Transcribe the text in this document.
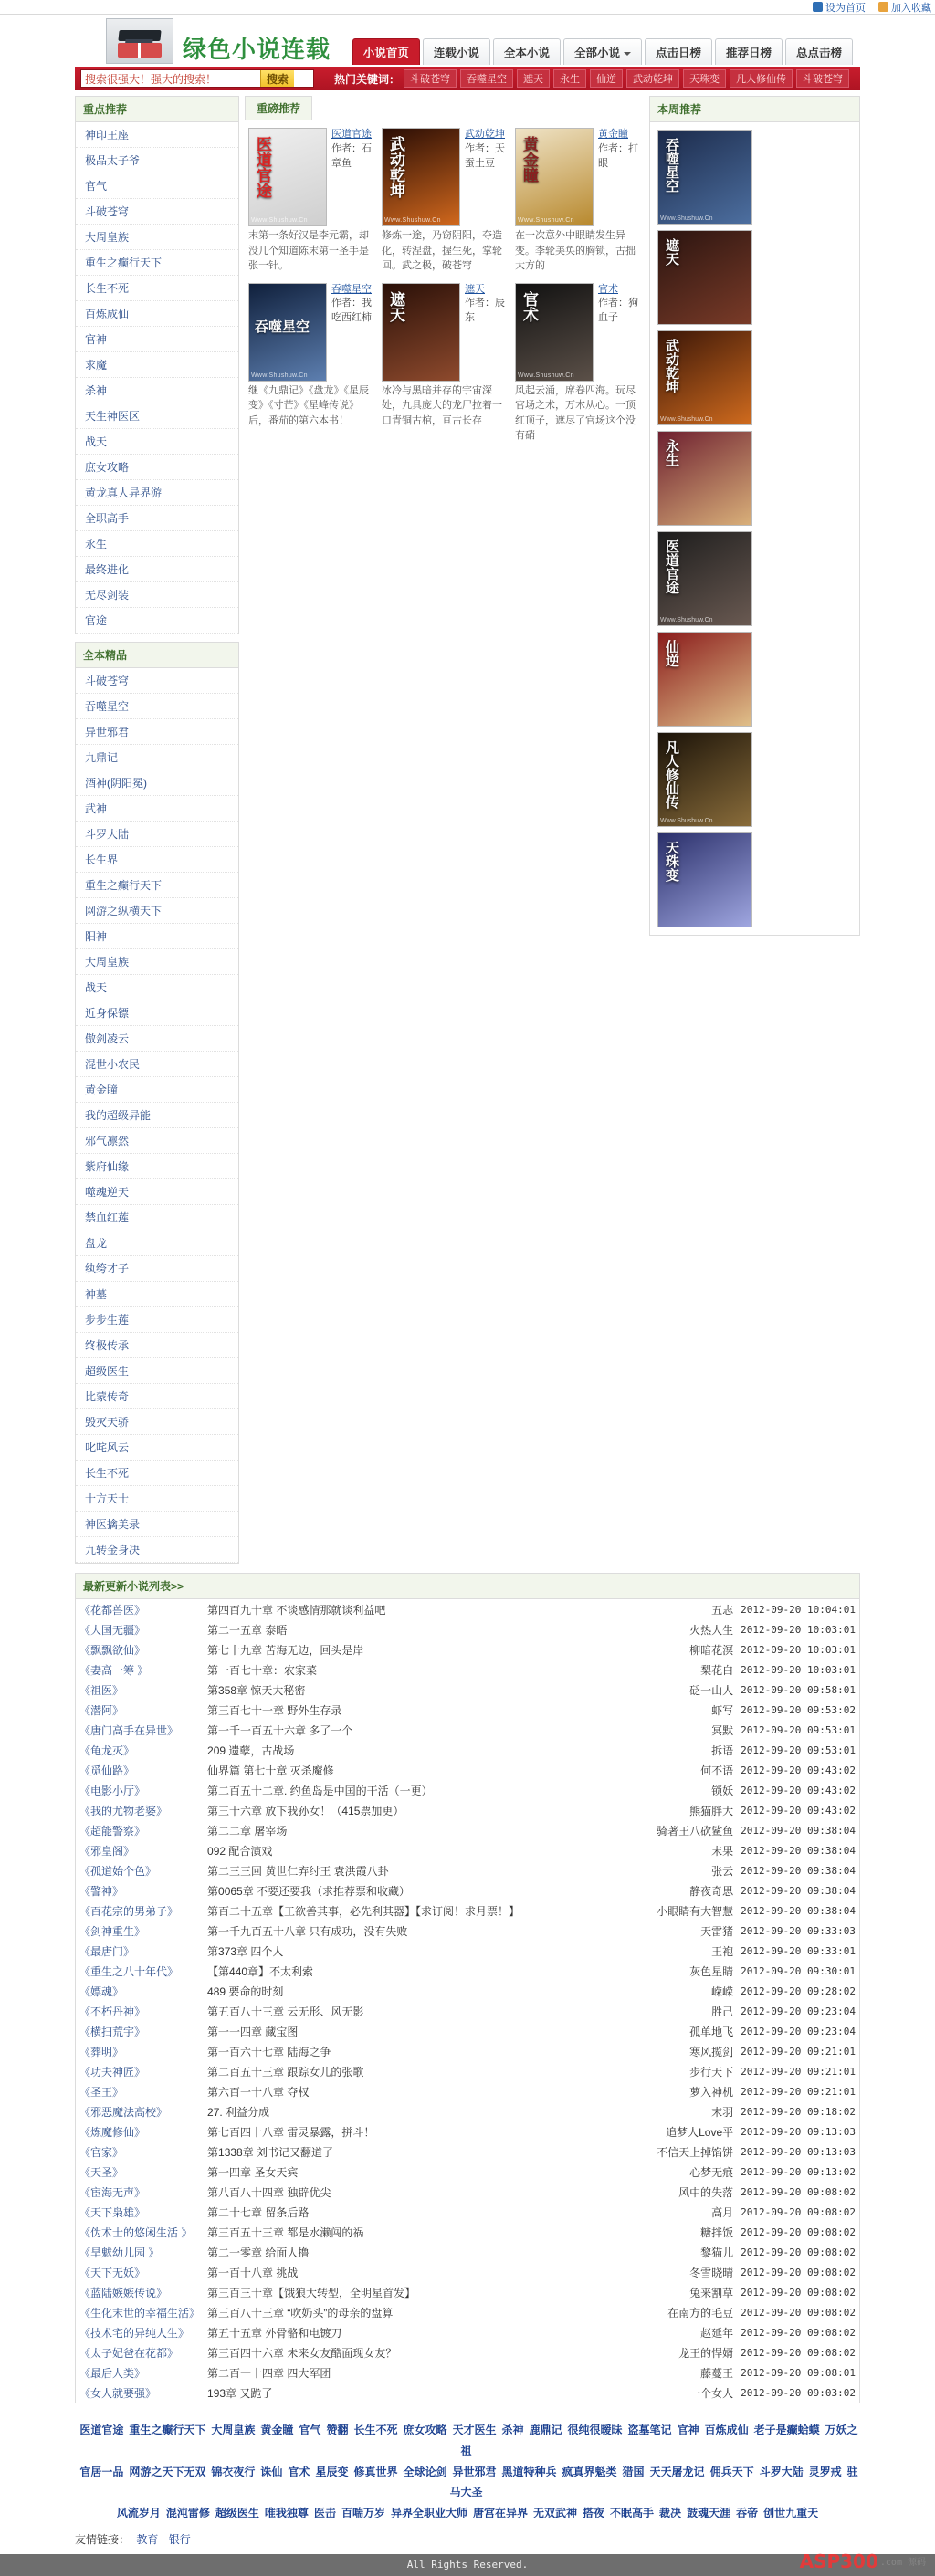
设为首页	加入收藏
绿色小说连载	小说首页	连载小说	全本小说	全部小说	点击日榜	推荐日榜	总点击榜
搜索很强大！强大的搜索！
搜索	热门关键词：	斗破苍穹	吞噬星空	遮天	永生	仙逆	武动乾坤	天珠变	凡人修仙传	斗破苍穹
重点推荐
神印王座
极品太子爷
官气
斗破苍穹
大周皇族
重生之癫行天下
长生不死
百炼成仙
官神
求魔
杀神
天生神医区
战天
庶女攻略
黄龙真人异界游
全职高手
永生
最终进化
无尽剑装
官途
全本精品
斗破苍穹
吞噬星空
异世邪君
九鼎记
酒神(阴阳冕)
武神
斗罗大陆
长生界
重生之癫行天下
网游之纵横天下
阳神
大周皇族
战天
近身保镖
傲剑凌云
混世小农民
黄金瞳
我的超级异能
邪气凛然
紫府仙缘
噬魂逆天
禁血红莲
盘龙
纨绔才子
神墓
步步生莲
终极传承
超级医生
比蒙传奇
毁灭天骄
叱咤风云
长生不死
十方天士
神医擒美录
九转金身决
重磅推荐
医道官途
Www.Shushuw.Cn
医道官途
作者：石章鱼
末第一条好汉是李元霸，却没几个知道陈末第一圣手是张一针。
武动乾坤
Www.Shushuw.Cn
武动乾坤
作者：天蚕土豆
修炼一途，乃窃阴阳，夺造化，转涅盘，握生死，掌轮回。武之极，破苍穹
黄金瞳
Www.Shushuw.Cn
黄金瞳
作者：打眼
在一次意外中眼睛发生异变。李轮美奂的胸锁，古拙大方的
吞噬星空
Www.Shushuw.Cn
吞噬星空
作者：我吃西红柿
继《九鼎记》《盘龙》《星辰变》《寸芒》《星峰传说》后，番茄的第六本书！
遮天
遮天
作者：辰东
冰冷与黑暗并存的宇宙深处，九具庞大的龙尸拉着一口青铜古棺，亘古长存
官术
Www.Shushuw.Cn
官术
作者：狗血子
风起云涌，席卷四海。玩尽官场之术，万木从心。一顶红顶子，遮尽了官场这个没有硝
本周推荐
吞噬星空
Www.Shushuw.Cn
遮天
武动乾坤
Www.Shushuw.Cn
永生
医道官途
Www.Shushuw.Cn
仙逆
凡人修仙传
Www.Shushuw.Cn
天珠变
最新更新小说列表>>
《花都兽医》	第四百九十章 不谈感情那就谈利益吧	五志	2012-09-20 10:04:01
《大国无疆》	第二一五章 泰晤	火热人生	2012-09-20 10:03:01
《飘飘欲仙》	第七十九章 苦海无边，回头是岸	柳暗花溟	2012-09-20 10:03:01
《妻高一筹 》	第一百七十章：农家菜	梨花白	2012-09-20 10:03:01
《祖医》	第358章 惊天大秘密	砭一山人	2012-09-20 09:58:01
《潜阿》	第三百七十一章 野外生存录	虾写	2012-09-20 09:53:02
《唐门高手在异世》	第一千一百五十六章 多了一个	冥默	2012-09-20 09:53:01
《龟龙灭》	209 遗孽，古战场	拆语	2012-09-20 09:53:01
《觅仙路》	仙界篇 第七十章 灭杀魔修	何不语	2012-09-20 09:43:02
《电影小厅》	第二百五十二章. 约鱼岛是中国的干活（一更）	锁妖	2012-09-20 09:43:02
《我的尤物老婆》	第三十六章 放下我孙女！（415票加更）	熊猫胖大	2012-09-20 09:43:02
《超能警察》	第二二章 屠宰场	骑著王八砍鲨鱼	2012-09-20 09:38:04
《邪皇阁》	092 配合演戏	末果	2012-09-20 09:38:04
《孤道始个色》	第二三三回 黄世仁弃纣王 袁洪霞八卦	张云	2012-09-20 09:38:04
《警神》	第0065章 不要还要我（求推荐票和收藏）	静夜奇思	2012-09-20 09:38:04
《百花宗的男弟子》	第百二十五章【工欲善其事，必先利其器】【求订阅！求月票！】	小眼睛有大智慧	2012-09-20 09:38:04
《剑神重生》	第一千九百五十八章 只有成功，没有失败	天雷猪	2012-09-20 09:33:03
《最唐门》	第373章 四个人	王袍	2012-09-20 09:33:01
《重生之八十年代》	【第440章】不太利索	灰色星睛	2012-09-20 09:30:01
《嫖魂》	489 要命的时刻	嵘嵘	2012-09-20 09:28:02
《不朽丹神》	第五百八十三章 云无形、风无影	胜己	2012-09-20 09:23:04
《横扫荒宇》	第一一四章 藏宝图	孤单地飞	2012-09-20 09:23:04
《葬明》	第一百六十七章 陆海之争	寒风揽剑	2012-09-20 09:21:01
《功夫神匠》	第二百五十三章 跟踪女儿的张歌	步行天下	2012-09-20 09:21:01
《圣王》	第六百一十八章 夺权	萝入神机	2012-09-20 09:21:01
《邪恶魔法高校》	27. 利益分成	末羽	2012-09-20 09:18:02
《炼魔修仙》	第七百四十八章 雷灵暴露，拼斗！	追梦人Love平	2012-09-20 09:13:03
《官家》	第1338章 刘书记又翻道了	不信天上掉馅饼	2012-09-20 09:13:03
《天圣》	第一四章 圣女天宾	心梦无痕	2012-09-20 09:13:02
《宦海无声》	第八百八十四章 独辟优尖	风中的失落	2012-09-20 09:08:02
《天下枭雄》	第二十七章 留条后路	高月	2012-09-20 09:08:02
《伪术士的悠闲生活 》	第三百五十三章 都是水濑闯的祸	糖拌饭	2012-09-20 09:08:02
《旱魃幼儿园 》	第二一零章 给面人撸	黎猫儿	2012-09-20 09:08:02
《天下无妖》	第一百十八章 挑战	冬雪晓晴	2012-09-20 09:08:02
《蓝陆嫉嫉传说》	第三百三十章【饿狼大转型，全明星首发】	兔来割草	2012-09-20 09:08:02
《生化末世的幸福生活》	第三百八十三章 “吹奶头”的母亲的盘算	在南方的毛豆	2012-09-20 09:08:02
《技术宅的异纯人生》	第五十五章 外骨骼和电镀刀	赵延年	2012-09-20 09:08:02
《太子妃爸在花都》	第三百四十六章 未来女友酷面现女友？	龙王的悍婿	2012-09-20 09:08:02
《最后人类》	第二百一十四章 四大军团	藤蔓王	2012-09-20 09:08:01
《女人就要强》	193章 又跪了	一个女人	2012-09-20 09:03:02
医道官途 重生之癫行天下 大周皇族 黄金瞳 官气 赞翻 长生不死 庶女攻略 天才医生 杀神 鹿鼎记 很纯很暧昧 盗墓笔记 官神 百炼成仙 老子是癫蛤蟆 万妖之祖
官居一品 网游之天下无双 锦衣夜行 诛仙 官术 星辰变 修真世界 全球论剑 异世邪君 黑道特种兵 疯真界魁类 猎国 天天屠龙记 佣兵天下 斗罗大陆 灵罗戒 驻马大圣
风流岁月 混沌雷修 超级医生 唯我独尊 医击 百喘万岁 异界全职业大师 唐宫在异界 无双武神 搭夜 不眠高手 裁决 鼓魂天涯 吞帝 创世九重天
友情链接： 教育 银行
All Rights Reserved.	ASP300 .com 源码
